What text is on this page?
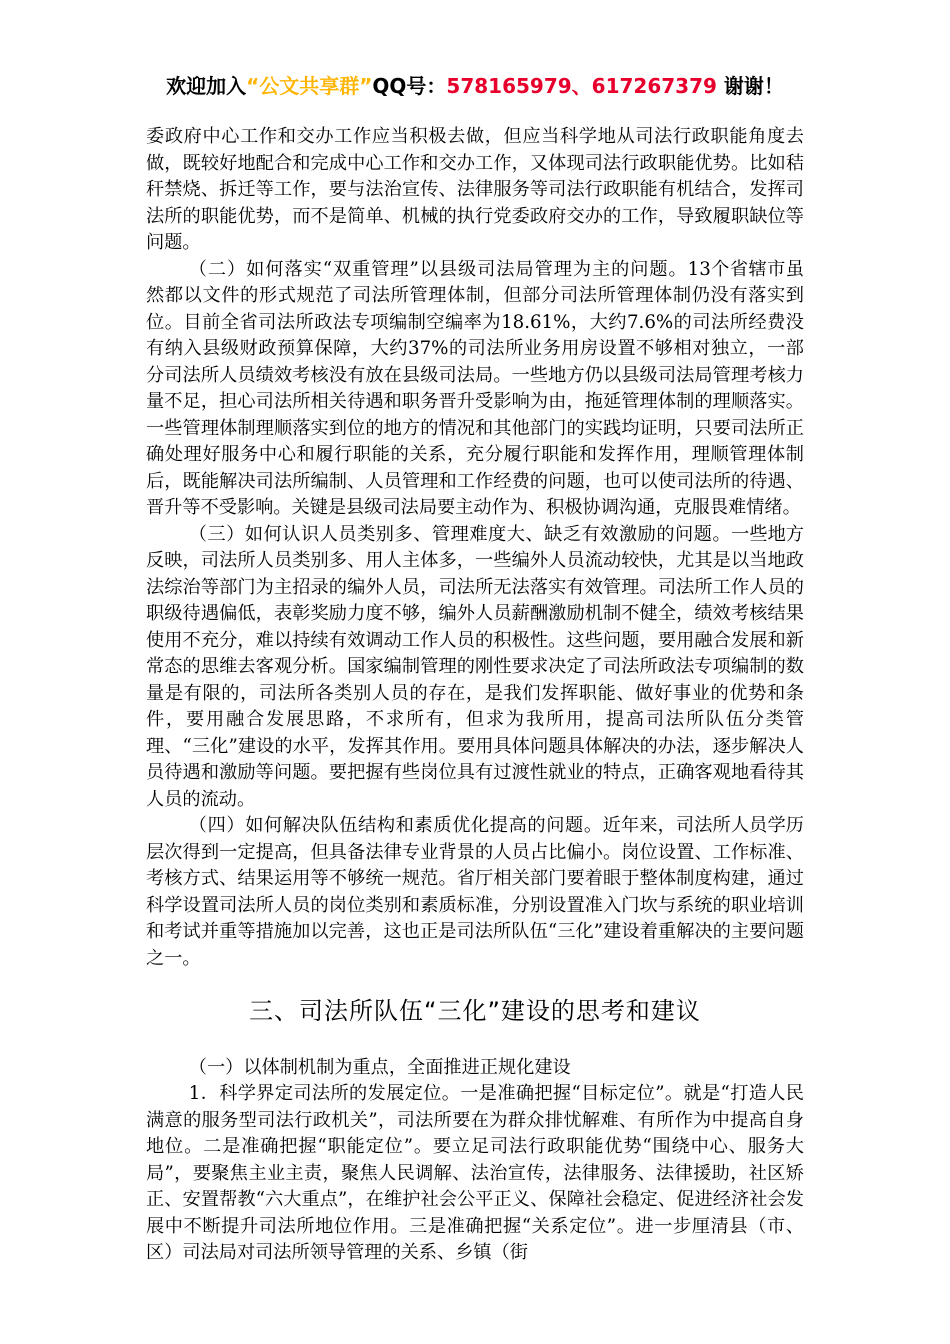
欢迎加入“公文共享群”QQ号：578165979、617267379 谢谢！

委政府中心工作和交办工作应当积极去做，但应当科学地从司法行政职能角度去做，既较好地配合和完成中心工作和交办工作，又体现司法行政职能优势。比如秸秆禁烧、拆迁等工作，要与法治宣传、法律服务等司法行政职能有机结合，发挥司法所的职能优势，而不是简单、机械的执行党委政府交办的工作，导致履职缺位等问题。

（二）如何落实“双重管理”以县级司法局管理为主的问题。13个省辖市虽然都以文件的形式规范了司法所管理体制，但部分司法所管理体制仍没有落实到位。目前全省司法所政法专项编制空编率为18.61%，大约7.6%的司法所经费没有纳入县级财政预算保障，大约37%的司法所业务用房设置不够相对独立，一部分司法所人员绩效考核没有放在县级司法局。一些地方仍以县级司法局管理考核力量不足，担心司法所相关待遇和职务晋升受影响为由，拖延管理体制的理顺落实。一些管理体制理顺落实到位的地方的情况和其他部门的实践均证明，只要司法所正确处理好服务中心和履行职能的关系，充分履行职能和发挥作用，理顺管理体制后，既能解决司法所编制、人员管理和工作经费的问题，也可以使司法所的待遇、晋升等不受影响。关键是县级司法局要主动作为、积极协调沟通，克服畏难情绪。

（三）如何认识人员类别多、管理难度大、缺乏有效激励的问题。一些地方反映，司法所人员类别多、用人主体多，一些编外人员流动较快，尤其是以当地政法综治等部门为主招录的编外人员，司法所无法落实有效管理。司法所工作人员的职级待遇偏低，表彰奖励力度不够，编外人员薪酬激励机制不健全，绩效考核结果使用不充分，难以持续有效调动工作人员的积极性。这些问题，要用融合发展和新常态的思维去客观分析。国家编制管理的刚性要求决定了司法所政法专项编制的数量是有限的，司法所各类别人员的存在，是我们发挥职能、做好事业的优势和条件，要用融合发展思路，不求所有，但求为我所用，提高司法所队伍分类管理、“三化”建设的水平，发挥其作用。要用具体问题具体解决的办法，逐步解决人员待遇和激励等问题。要把握有些岗位具有过渡性就业的特点，正确客观地看待其人员的流动。

（四）如何解决队伍结构和素质优化提高的问题。近年来，司法所人员学历层次得到一定提高，但具备法律专业背景的人员占比偏小。岗位设置、工作标准、考核方式、结果运用等不够统一规范。省厅相关部门要着眼于整体制度构建，通过科学设置司法所人员的岗位类别和素质标准，分别设置准入门坎与系统的职业培训和考试并重等措施加以完善，这也正是司法所队伍“三化”建设着重解决的主要问题之一。

三、司法所队伍“三化”建设的思考和建议

（一）以体制机制为重点，全面推进正规化建设

1．科学界定司法所的发展定位。一是准确把握“目标定位”。就是“打造人民满意的服务型司法行政机关”，司法所要在为群众排忧解难、有所作为中提高自身地位。二是准确把握“职能定位”。要立足司法行政职能优势“围绕中心、服务大局”，要聚焦主业主责，聚焦人民调解、法治宣传，法律服务、法律援助，社区矫正、安置帮教“六大重点”，在维护社会公平正义、保障社会稳定、促进经济社会发展中不断提升司法所地位作用。三是准确把握“关系定位”。进一步厘清县（市、区）司法局对司法所领导管理的关系、乡镇（街
